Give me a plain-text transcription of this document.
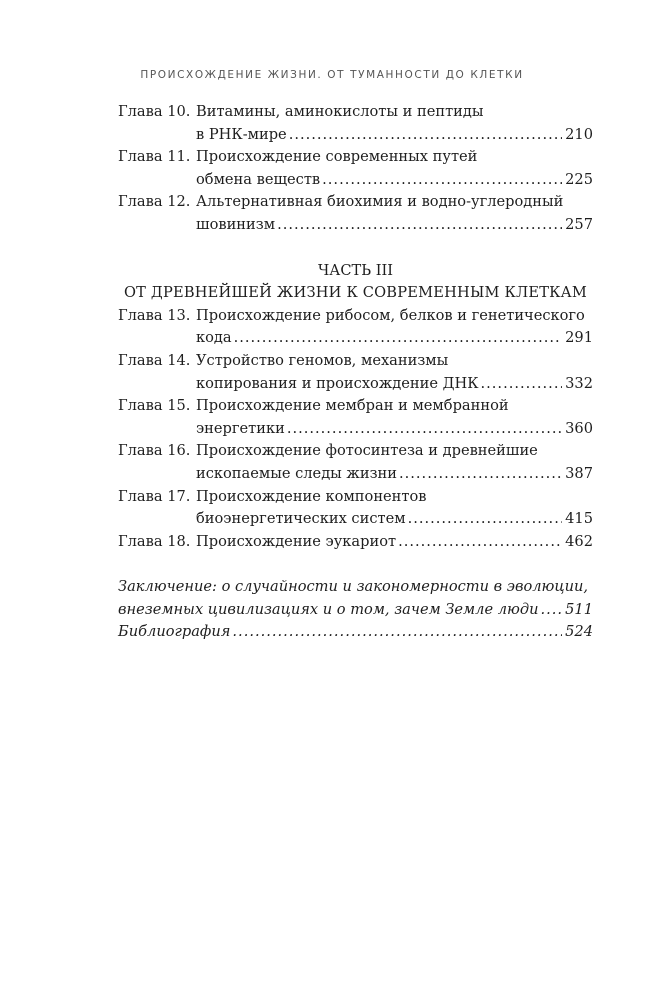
ПРОИСХОЖДЕНИЕ ЖИЗНИ. ОТ ТУМАННОСТИ ДО КЛЕТКИ
Глава 10. Витамины, аминокислоты и пептиды
в РНК-мире .....	210
Глава 11. Происхождение современных путей
обмена веществ .....	225
Глава 12. Альтернативная биохимия и водно-углеродный
шовинизм .....	257
ЧАСТЬ III
ОТ ДРЕВНЕЙШЕЙ ЖИЗНИ К СОВРЕМЕННЫМ КЛЕТКАМ
Глава 13. Происхождение рибосом, белков и генетического
кода .....	291
Глава 14. Устройство геномов, механизмы
копирования и происхождение ДНК .....	332
Глава 15. Происхождение мембран и мембранной
энергетики .....	360
Глава 16. Происхождение фотосинтеза и древнейшие
ископаемые следы жизни .....	387
Глава 17. Происхождение компонентов
биоэнергетических систем .....	415
Глава 18. Происхождение эукариот .....	462
Заключение: о случайности и закономерности в эволюции,
внеземных цивилизациях и о том, зачем Земле люди ..... 511
Библиография .....	524
